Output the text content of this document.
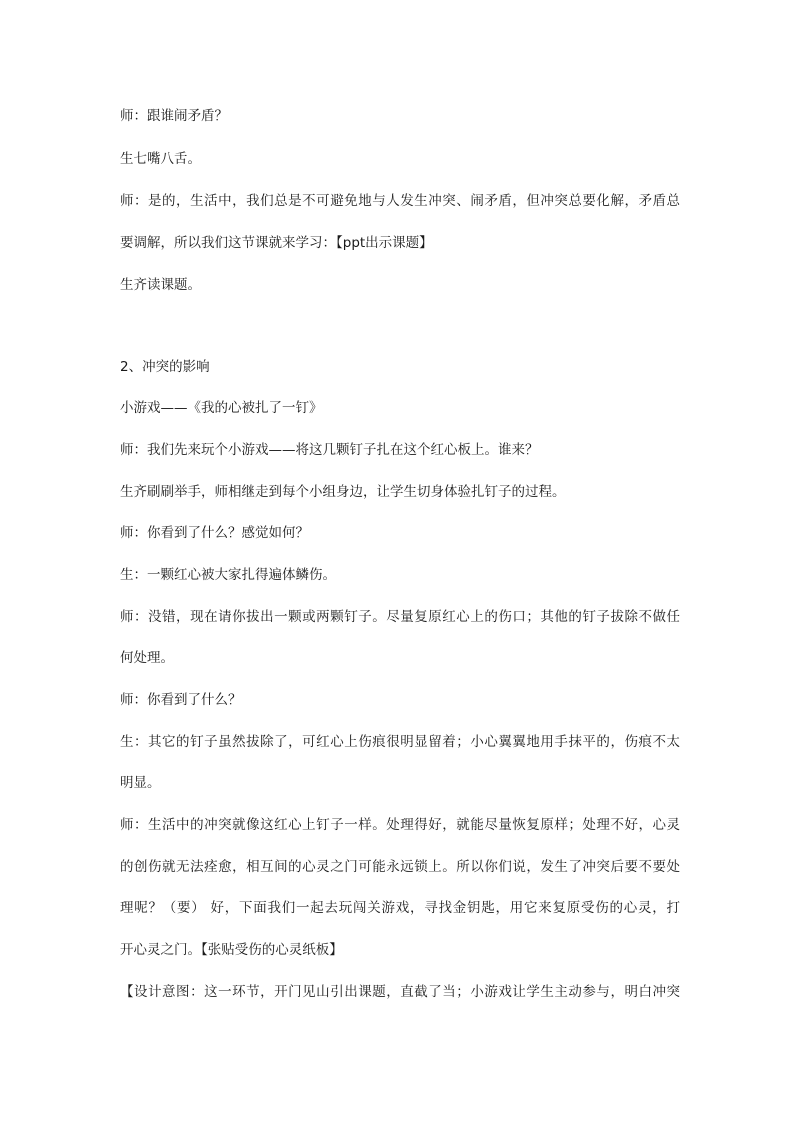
师：跟谁闹矛盾？
生七嘴八舌。
师：是的，生活中，我们总是不可避免地与人发生冲突、闹矛盾，但冲突总要化解，矛盾总
要调解，所以我们这节课就来学习：【ppt出示课题】
生齐读课题。
2、冲突的影响
小游戏——《我的心被扎了一钉》
师：我们先来玩个小游戏——将这几颗钉子扎在这个红心板上。谁来？
生齐刷刷举手，师相继走到每个小组身边，让学生切身体验扎钉子的过程。
师：你看到了什么？感觉如何？
生：一颗红心被大家扎得遍体鳞伤。
师：没错，现在请你拔出一颗或两颗钉子。尽量复原红心上的伤口；其他的钉子拔除不做任
何处理。
师：你看到了什么？
生：其它的钉子虽然拔除了，可红心上伤痕很明显留着；小心翼翼地用手抹平的，伤痕不太
明显。
师：生活中的冲突就像这红心上钉子一样。处理得好，就能尽量恢复原样；处理不好，心灵
的创伤就无法痊愈，相互间的心灵之门可能永远锁上。所以你们说，发生了冲突后要不要处
理呢？（要） 好，下面我们一起去玩闯关游戏，寻找金钥匙，用它来复原受伤的心灵，打
开心灵之门。【张贴受伤的心灵纸板】
【设计意图：这一环节，开门见山引出课题，直截了当；小游戏让学生主动参与，明白冲突
